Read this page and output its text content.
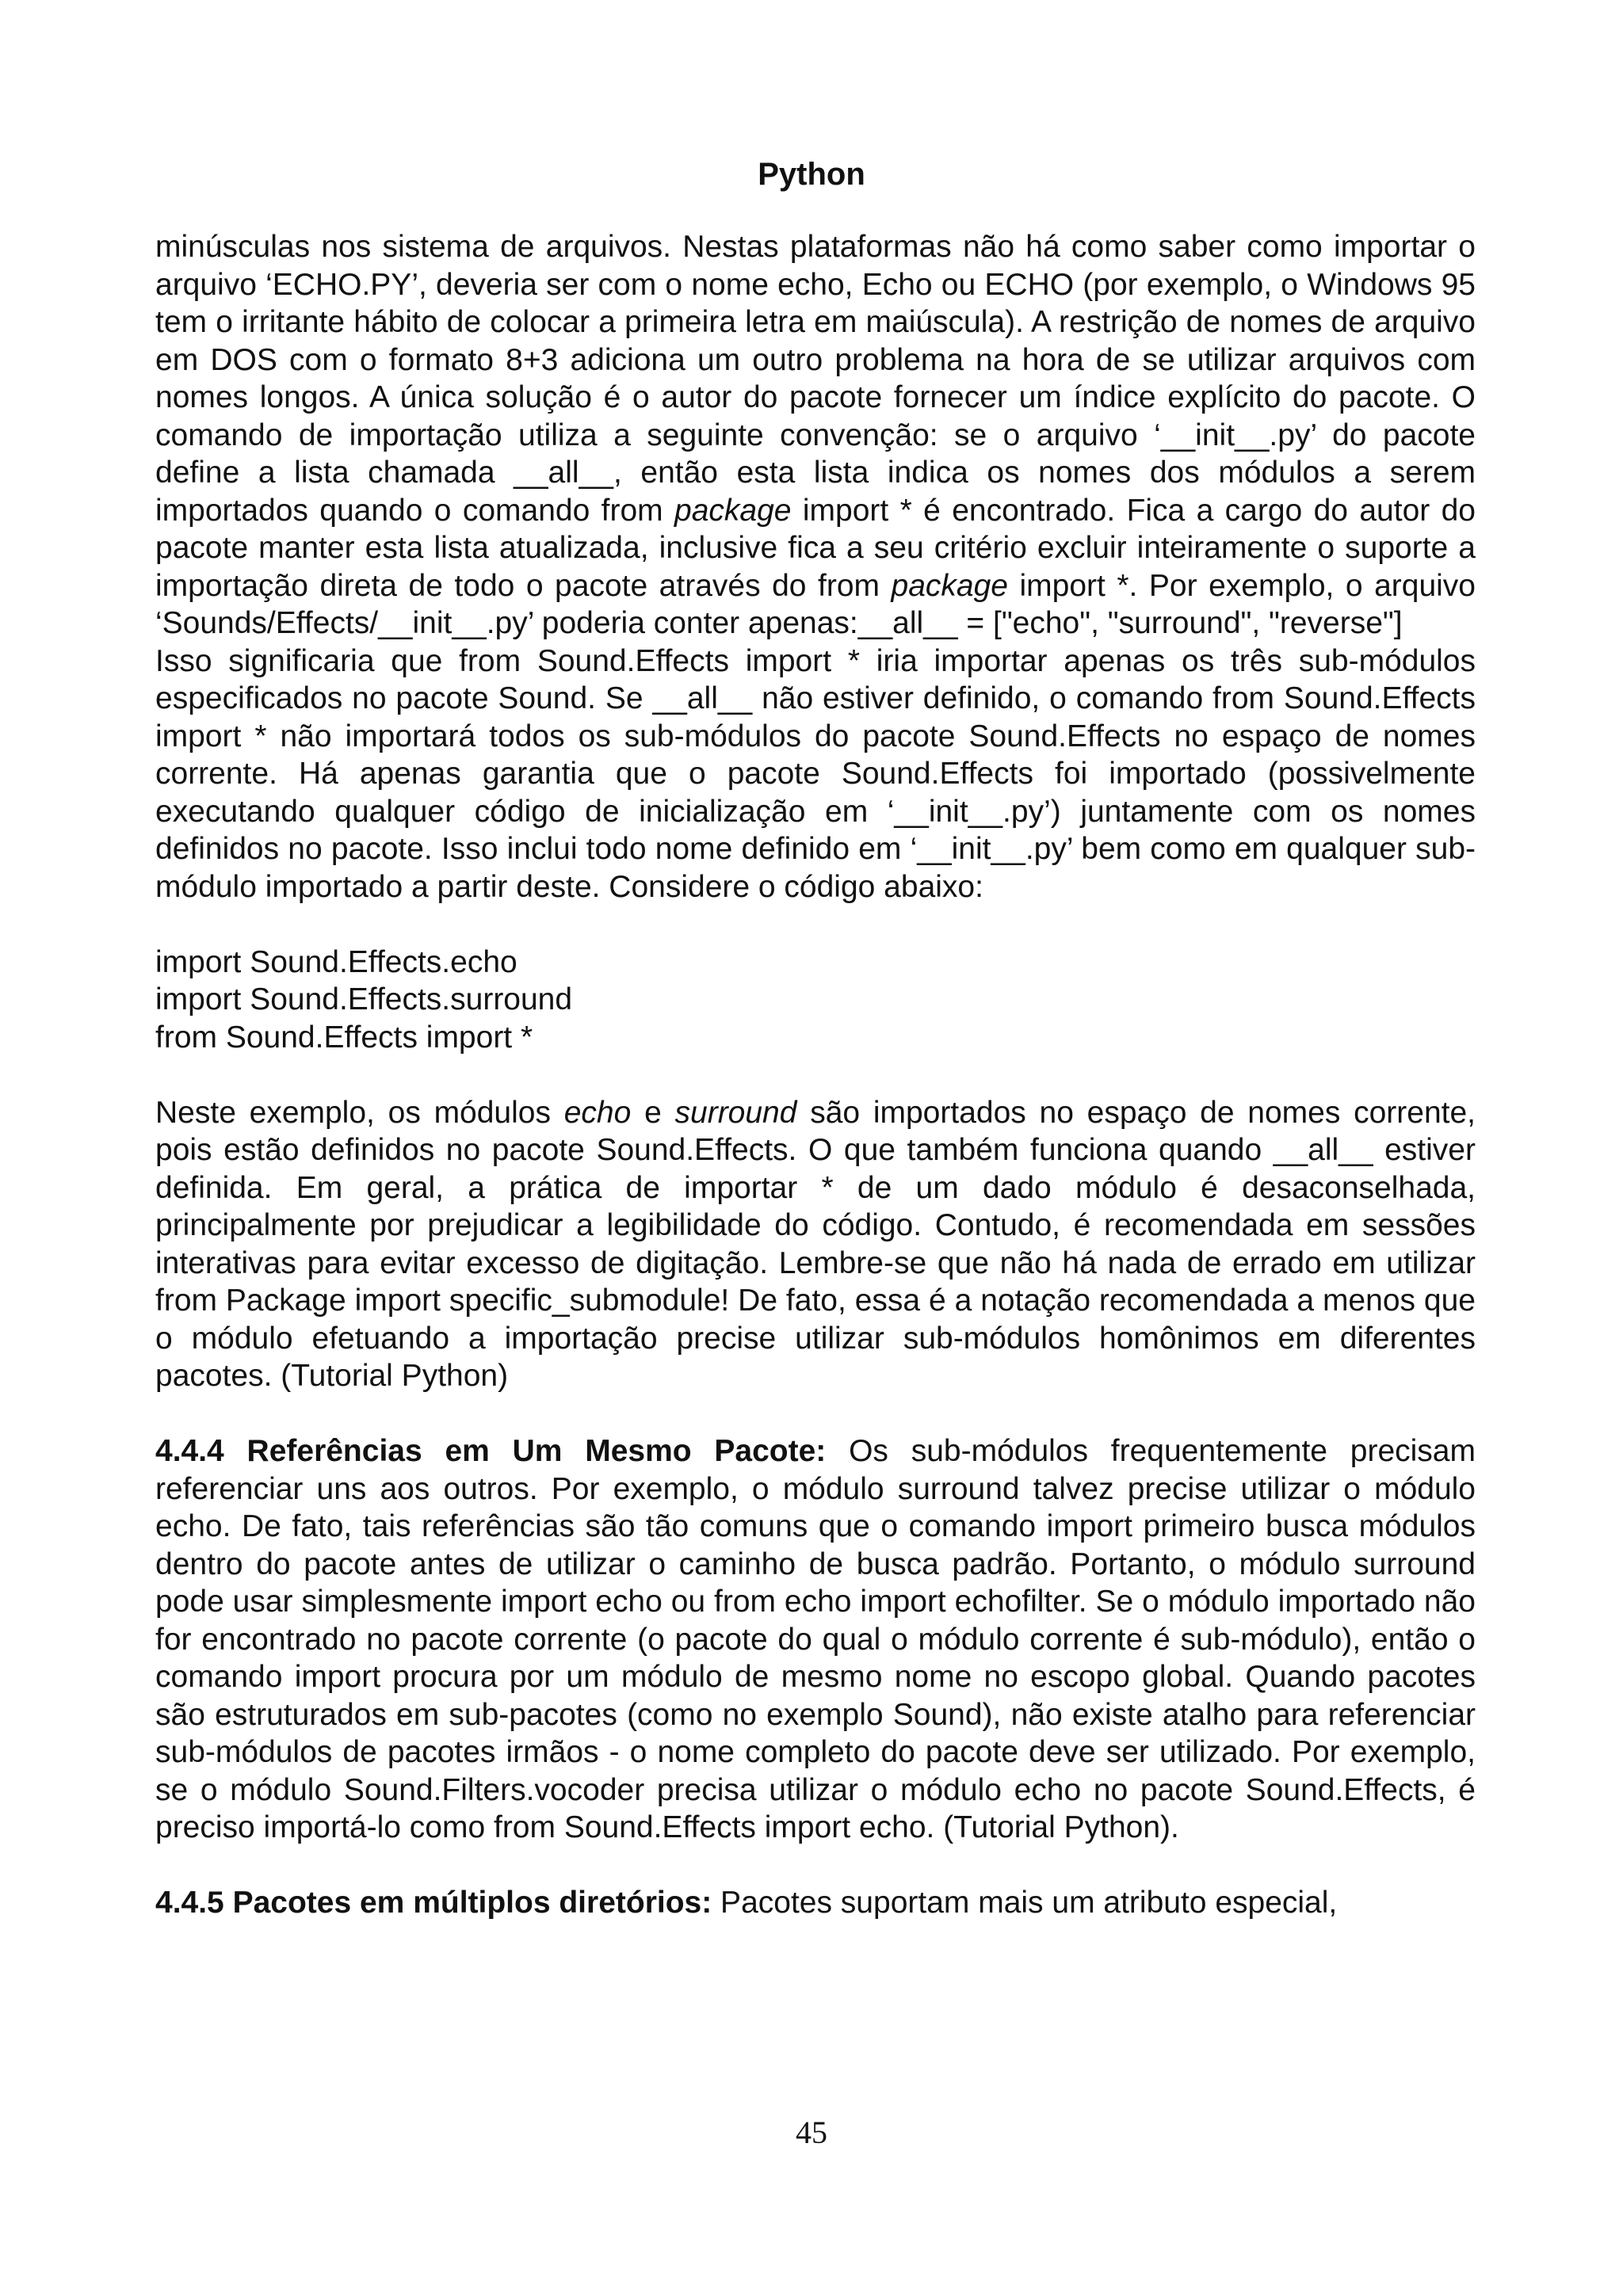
Python

minúsculas nos sistema de arquivos. Nestas plataformas não há como saber como importar o arquivo ‘ECHO.PY’, deveria ser com o nome echo, Echo ou ECHO (por exemplo, o Windows 95 tem o irritante hábito de colocar a primeira letra em maiúscula). A restrição de nomes de arquivo em DOS com o formato 8+3 adiciona um outro problema na hora de se utilizar arquivos com nomes longos. A única solução é o autor do pacote fornecer um índice explícito do pacote. O comando de importação utiliza a seguinte convenção: se o arquivo ‘__init__.py’ do pacote define a lista chamada __all__, então esta lista indica os nomes dos módulos a serem importados quando o comando from package import * é encontrado. Fica a cargo do autor do pacote manter esta lista atualizada, inclusive fica a seu critério excluir inteiramente o suporte a importação direta de todo o pacote através do from package import *. Por exemplo, o arquivo ‘Sounds/Effects/__init__.py’ poderia conter apenas:__all__ = ["echo", "surround", "reverse"]

Isso significaria que from Sound.Effects import * iria importar apenas os três sub-módulos especificados no pacote Sound. Se __all__ não estiver definido, o comando from Sound.Effects import * não importará todos os sub-módulos do pacote Sound.Effects no espaço de nomes corrente. Há apenas garantia que o pacote Sound.Effects foi importado (possivelmente executando qualquer código de inicialização em ‘__init__.py’) juntamente com os nomes definidos no pacote. Isso inclui todo nome definido em ‘__init__.py’ bem como em qualquer sub-módulo importado a partir deste. Considere o código abaixo:

import Sound.Effects.echo
import Sound.Effects.surround
from Sound.Effects import *

Neste exemplo, os módulos echo e surround são importados no espaço de nomes corrente, pois estão definidos no pacote Sound.Effects. O que também funciona quando __all__ estiver definida. Em geral, a prática de importar * de um dado módulo é desaconselhada, principalmente por prejudicar a legibilidade do código. Contudo, é recomendada em sessões interativas para evitar excesso de digitação. Lembre-se que não há nada de errado em utilizar from Package import specific_submodule! De fato, essa é a notação recomendada a menos que o módulo efetuando a importação precise utilizar sub-módulos homônimos em diferentes pacotes. (Tutorial Python)

4.4.4 Referências em Um Mesmo Pacote: Os sub-módulos frequentemente precisam referenciar uns aos outros. Por exemplo, o módulo surround talvez precise utilizar o módulo echo. De fato, tais referências são tão comuns que o comando import primeiro busca módulos dentro do pacote antes de utilizar o caminho de busca padrão. Portanto, o módulo surround pode usar simplesmente import echo ou from echo import echofilter. Se o módulo importado não for encontrado no pacote corrente (o pacote do qual o módulo corrente é sub-módulo), então o comando import procura por um módulo de mesmo nome no escopo global. Quando pacotes são estruturados em sub-pacotes (como no exemplo Sound), não existe atalho para referenciar sub-módulos de pacotes irmãos - o nome completo do pacote deve ser utilizado. Por exemplo, se o módulo Sound.Filters.vocoder precisa utilizar o módulo echo no pacote Sound.Effects, é preciso importá-lo como from Sound.Effects import echo. (Tutorial Python).

4.4.5 Pacotes em múltiplos diretórios: Pacotes suportam mais um atributo especial,

45
